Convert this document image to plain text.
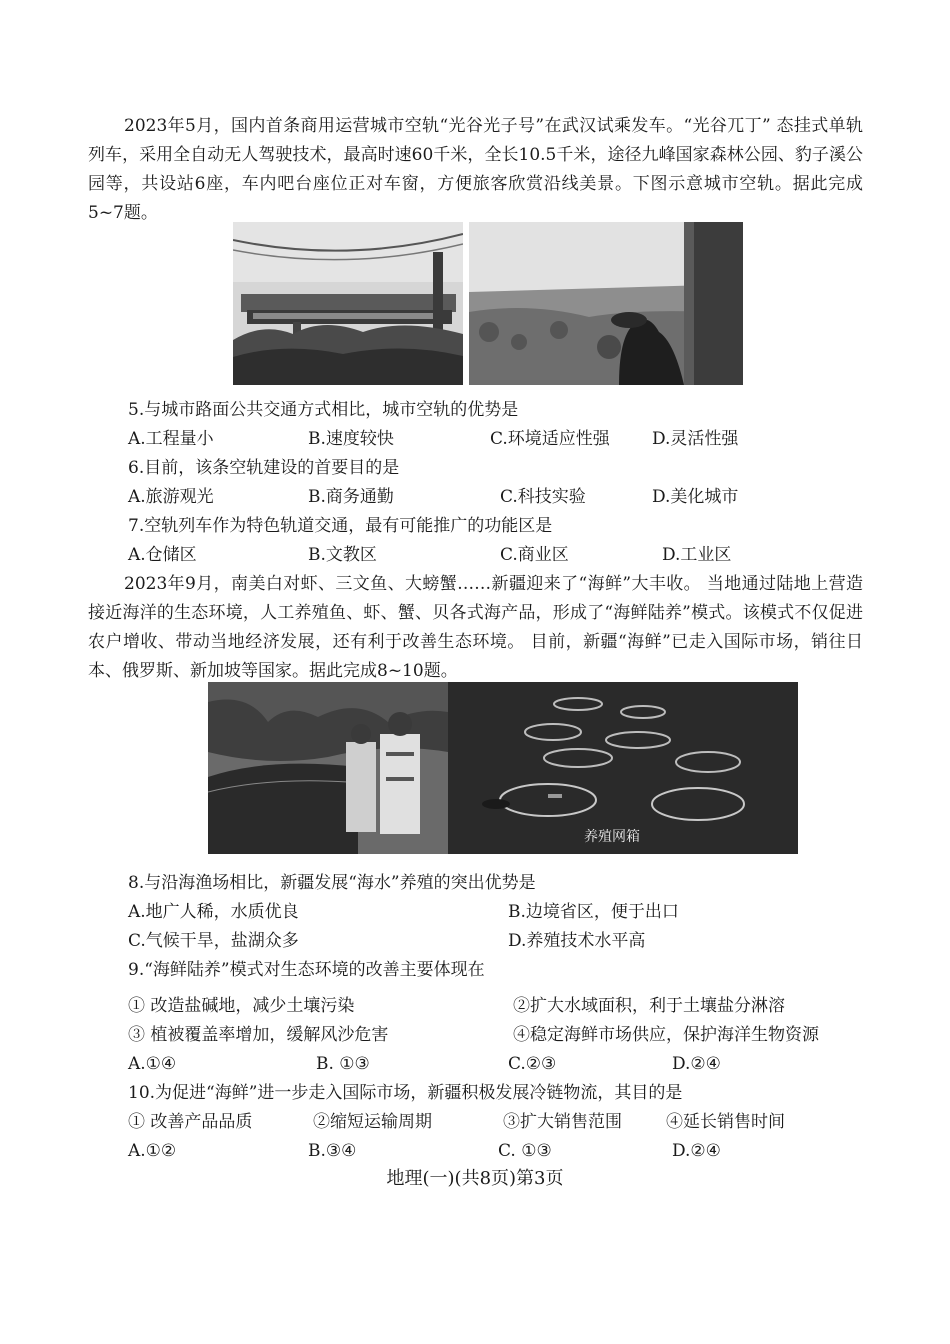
2023年5月，国内首条商用运营城市空轨“光谷光子号”在武汉试乘发车。“光谷兀丁” 态挂式单轨列车，采用全自动无人驾驶技术，最高时速60千米，全长10.5千米，途径九峰国家森林公园、豹子溪公园等，共设站6座，车内吧台座位正对车窗，方便旅客欣赏沿线美景。下图示意城市空轨。据此完成5~7题。
5.与城市路面公共交通方式相比，城市空轨的优势是
A.工程量小	B.速度较快	C.环境适应性强 D.灵活性强
6.目前，该条空轨建设的首要目的是
A.旅游观光	B.商务通勤	C.科技实验	D.美化城市
7.空轨列车作为特色轨道交通，最有可能推广的功能区是
A.仓储区	B.文教区	C.商业区	D.工业区
2023年9月，南美白对虾、三文鱼、大螃蟹……新疆迎来了“海鲜”大丰收。 当地通过陆地上营造接近海洋的生态环境，人工养殖鱼、虾、蟹、贝各式海产品，形成了“海鲜陆养”模式。该模式不仅促进农户增收、带动当地经济发展，还有利于改善生态环境。 目前，新疆“海鲜”已走入国际市场，销往日本、俄罗斯、新加坡等国家。据此完成8~10题。
养殖网箱
8.与沿海渔场相比，新疆发展“海水”养殖的突出优势是
A.地广人稀，水质优良	B.边境省区，便于出口
C.气候干旱，盐湖众多	D.养殖技术水平高
9.“海鲜陆养”模式对生态环境的改善主要体现在
① 改造盐碱地，减少土壤污染	②扩大水域面积，利于土壤盐分淋溶
③ 植被覆盖率增加，缓解风沙危害	④稳定海鲜市场供应，保护海洋生物资源
A.①④	B. ①③	C.②③	D.②④
10.为促进“海鲜”进一步走入国际市场，新疆积极发展冷链物流，其目的是
① 改善产品品质	②缩短运输周期	③扩大销售范围	④延长销售时间
A.①②	B.③④	C. ①③	D.②④
地理(一)(共8页)第3页
